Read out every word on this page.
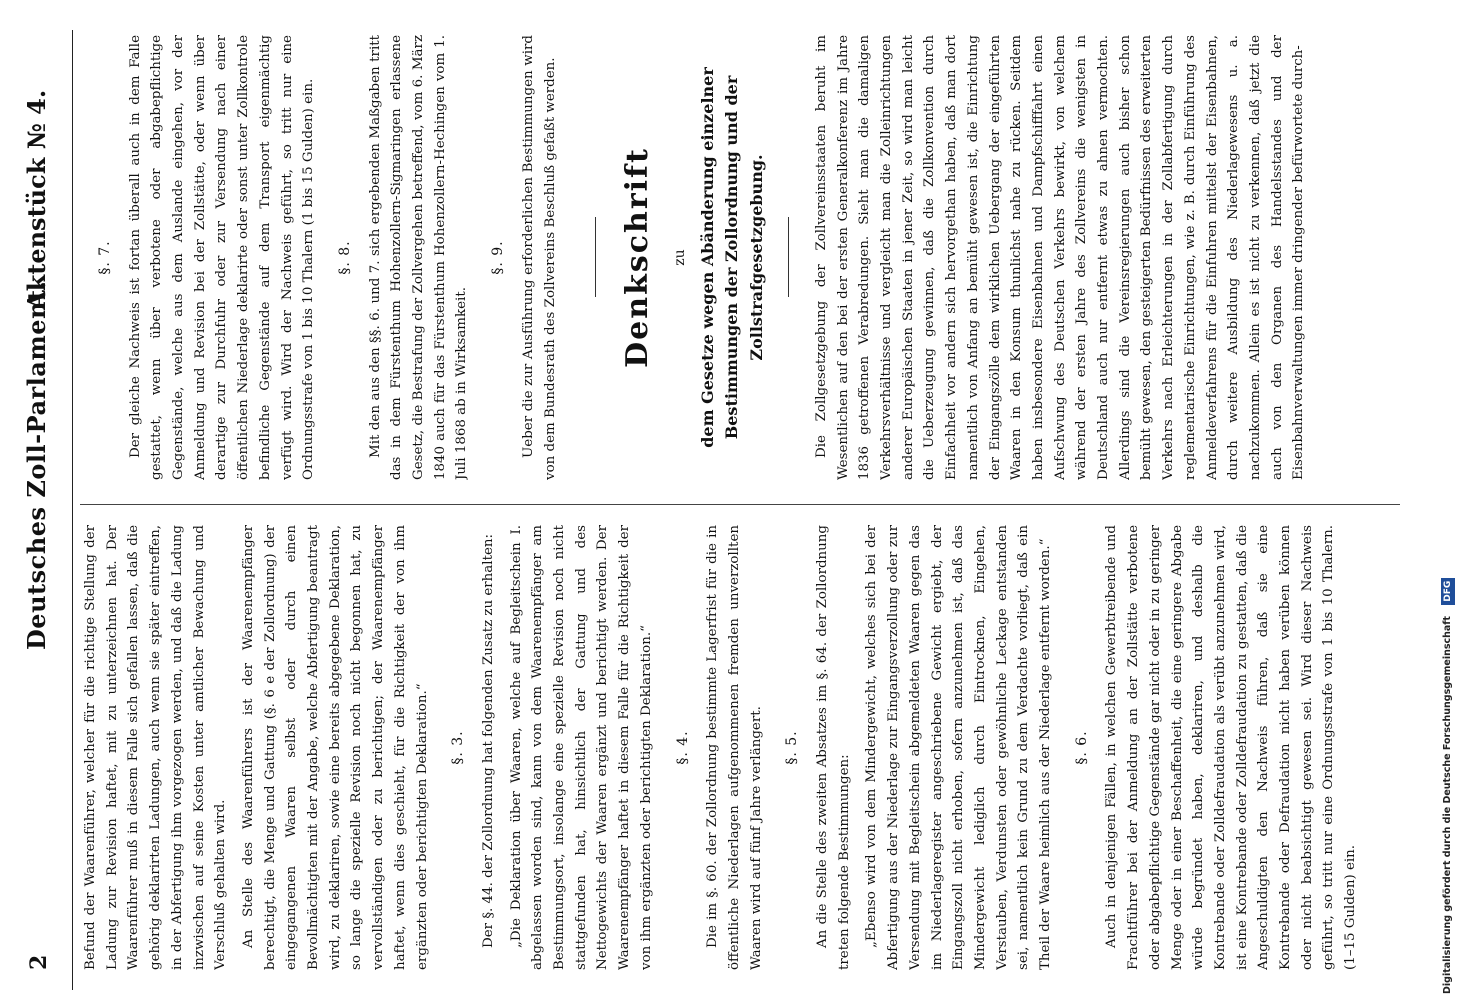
2
Deutsches Zoll-Parlament.
Aktenstück № 4.

Befund der Waarenführer, welcher für die richtige Stellung der Ladung zur Revision haftet, mit zu unterzeichnen hat. Der Waarenführer muß in diesem Falle sich gefallen lassen, daß die gehörig deklarirten Ladungen, auch wenn sie später eintreffen, in der Abfertigung ihm vorgezogen werden, und daß die Ladung inzwischen auf seine Kosten unter amtlicher Bewachung und Verschluß gehalten wird. An Stelle des Waarenführers ist der Waarenempfänger berechtigt, die Menge und Gattung (§. 6 e der Zollordnung) der eingegangenen Waaren selbst oder durch einen Bevollmächtigten mit der Angabe, welche Abfertigung beantragt wird, zu deklariren, sowie eine bereits abgegebene Deklaration, so lange die spezielle Revision noch nicht begonnen hat, zu vervollständigen oder zu berichtigen; der Waarenempfänger haftet, wenn dies geschieht, für die Richtigkeit der von ihm ergänzten oder berichtigten Deklaration.“ §. 3. Der §. 44. der Zollordnung hat folgenden Zusatz zu erhalten: „Die Deklaration über Waaren, welche auf Begleitschein I. abgelassen worden sind, kann von dem Waarenempfänger am Bestimmungsort, insolange eine spezielle Revision noch nicht stattgefunden hat, hinsichtlich der Gattung und des Nettogewichts der Waaren ergänzt und berichtigt werden. Der Waarenempfänger haftet in diesem Falle für die Richtigkeit der von ihm ergänzten oder berichtigten Deklaration.“ §. 4. Die im §. 60. der Zollordnung bestimmte Lagerfrist für die in öffentliche Niederlagen aufgenommenen fremden unverzollten Waaren wird auf fünf Jahre verlängert. §. 5. An die Stelle des zweiten Absatzes im §. 64. der Zollordnung treten folgende Bestimmungen: „Ebenso wird von dem Mindergewicht, welches sich bei der Abfertigung aus der Niederlage zur Eingangsverzollung oder zur Versendung mit Begleitschein abgemeldeten Waaren gegen das im Niederlageregister angeschriebene Gewicht ergiebt, der Eingangszoll nicht erhoben, sofern anzunehmen ist, daß das Mindergewicht lediglich durch Eintrocknen, Eingehen, Verstauben, Verdunsten oder gewöhnliche Leckage entstanden sei, namentlich kein Grund zu dem Verdachte vorliegt, daß ein Theil der Waare heimlich aus der Niederlage entfernt worden.“ §. 6. Auch in denjenigen Fällen, in welchen Gewerbtreibende und Frachtführer bei der Anmeldung an der Zollstätte verbotene oder abgabepflichtige Gegenstände gar nicht oder in zu geringer Menge oder in einer Beschaffenheit, die eine geringere Abgabe würde begründet haben, deklariren, und deshalb die Kontrebande oder Zolldefraudation als verübt anzunehmen wird, ist eine Kontrebande oder Zolldefraudation zu gestatten, daß die Angeschuldigten den Nachweis führen, daß sie eine Kontrebande oder Defraudation nicht haben verüben können oder nicht beabsichtigt gewesen sei. Wird dieser Nachweis geführt, so tritt nur eine Ordnungsstrafe von 1 bis 10 Thalern. (1–15 Gulden) ein.

§. 7. Der gleiche Nachweis ist fortan überall auch in dem Falle gestattet, wenn über verbotene oder abgabepflichtige Gegenstände, welche aus dem Auslande eingehen, vor der Anmeldung und Revision bei der Zollstätte, oder wenn über derartige zur Durchfuhr oder zur Versendung nach einer öffentlichen Niederlage deklarirte oder sonst unter Zollkontrole befindliche Gegenstände auf dem Transport eigenmächtig verfügt wird. Wird der Nachweis geführt, so tritt nur eine Ordnungsstrafe von 1 bis 10 Thalern (1 bis 15 Gulden) ein. §. 8. Mit den aus den §§. 6. und 7. sich ergebenden Maßgaben tritt das in dem Fürstenthum Hohenzollern-Sigmaringen erlassene Gesetz, die Bestrafung der Zollvergehen betreffend, vom 6. März 1840 auch für das Fürstenthum Hohenzollern-Hechingen vom 1. Juli 1868 ab in Wirksamkeit.

§. 9. Ueber die zur Ausführung erforderlichen Bestimmungen wird von dem Bundesrath des Zollvereins Beschluß gefaßt werden. Denkschrift	zu dem Gesetze wegen Abänderung einzelner Bestimmungen der Zollordnung und der Zollstrafgesetzgebung.	Die Zollgesetzgebung der Zollvereinsstaaten beruht im Wesentlichen auf den bei der ersten Generalkonferenz im Jahre 1836 getroffenen Verabredungen. Sieht man die damaligen Verkehrsverhältnisse und vergleicht man die Zolleinrichtungen anderer Europäischen Staaten in jener Zeit, so wird man leicht die Ueberzeugung gewinnen, daß die Zollkonvention durch Einfachheit vor andern sich hervorgethan haben, daß man dort namentlich von Anfang an bemüht gewesen ist, die Einrichtung der Eingangszölle dem wirklichen Uebergang der eingeführten Waaren in den Konsum thunlichst nahe zu rücken. Seitdem haben insbesondere Eisenbahnen und Dampfschifffahrt einen Aufschwung des Deutschen Verkehrs bewirkt, von welchem während der ersten Jahre des Zollvereins die wenigsten in Deutschland auch nur entfernt etwas zu ahnen vermochten. Allerdings sind die Vereinsregierungen auch bisher schon bemüht gewesen, den gesteigerten Bedürfnissen des erweiterten Verkehrs nach Erleichterungen in der Zollabfertigung durch reglementarische Einrichtungen, wie z. B. durch Einführung des Anmeldeverfahrens für die Einfuhren mittelst der Eisenbahnen, durch weitere Ausbildung des Niederlagewesens u. a. nachzukommen. Allein es ist nicht zu verkennen, daß jetzt die auch von den Organen des Handelsstandes und der Eisenbahnverwaltungen immer dringender befürwortete durch-

Digitalisierung gefördert durch die Deutsche Forschungsgemeinschaft DFG
